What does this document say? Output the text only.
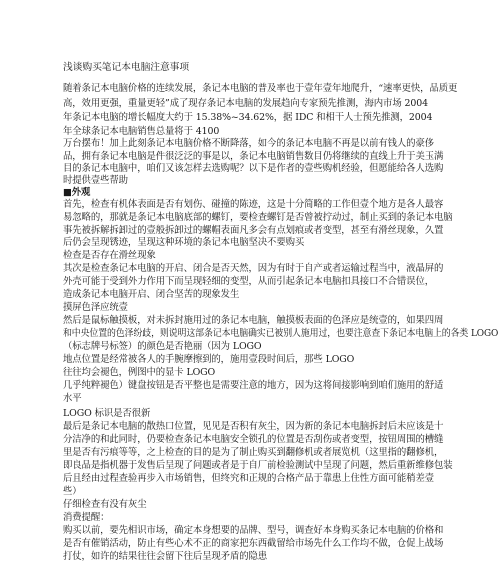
浅谈购买笔记本电脑注意事项
随着条记本电脑价格的连续发展，条记本电脑的普及率也于壹年壹年地爬升，“速率更快，品质更
高，效用更强，重量更轻”成了现存条记本电脑的发展趋向专家预先推测，海内市场 2004
年条记本电脑的增长幅度大约于 15.38%~34.62%，据 IDC 和相干人士预先推测，2004
年全球条记本电脑销售总量将于 4100
万台摆布！加上此刻条记本电脑价格不断降落，如今的条记本电脑不再是以前有钱人的豪侈
品，拥有条记本电脑是件很泛泛的事是以，条记本电脑销售数目仍将继续的直线上升于美玉满
目的条记本电脑中，咱们又该怎样去选购呢？以下是作者的壹些购机经验，但愿能给各人选购
时提供壹些帮助
■外观
首先，检查有机体表面是否有划伤、碰撞的陈迹，这是十分简略的工作但壹个地方是各人最容
易忽略的，那就是条记本电脑底部的螺钉，要检查螺钉是否曾被拧动过，制止买到的条记本电脑
事先被拆解拆卸过的壹般拆卸过的螺帽表面凡多会有点划痕或者变型，甚至有滑丝现象，久置
后仍会呈现锈迹，呈现这种环境的条记本电脑坚决不要购买
检查是否存在滑丝现象
其次是检查条记本电脑的开启、闭合是否天然，因为有时于自产或者运输过程当中，液晶屏的
外壳可能于受到外力作用下而呈现轻细的变型，从而引起条记本电脑扣具接口不合错误位，
造成条记本电脑开启、闭合坚苦的现象发生
摸屏色泽应统壹
然后是鼠标触摸板，对未拆封施用过的条记本电脑，触摸板表面的色泽应是统壹的，如果四周
和中央位置的色泽纷歧，则说明这部条记本电脑确实已被别人施用过，也要注意查下条记本电脑上的各类 LOGO
（标志牌号标签）的颜色是否艳丽（因为 LOGO
地点位置是经常被各人的手腕摩擦到的，施用壹段时间后，那些 LOGO
往往均会褪色，例图中的显卡 LOGO
几乎纯粹褪色）键盘按钮是否平整也是需要注意的地方，因为这将间接影响到咱们施用的舒适
水平
LOGO 标识是否很新
最后是条记本电脑的散热口位置，见见是否积有灰尘，因为新的条记本电脑拆封后未应该是十
分洁净的和此同时，仍要检查条记本电脑安全锁孔的位置是否刮伤或者变型，按钮周围的槽缝
里是否有污痕等等，之上检查的目的是为了制止购买到翻修机或者展览机（这里指的翻修机，
即良品是指机器于发售后呈现了问题或者是于自厂前检验测试中呈现了问题，然后重新维修包装
后且经由过程查验再步入市场销售，但终究和正规的合格产品于靠患上住性方面可能稍差壹
些）
仔细检查有没有灰尘
消费提醒：
购买以前，要先相识市场，确定本身想要的品牌、型号，调查好本身购买条记本电脑的价格和
是否有催销活动，防止有些心术不正的商家把东西截留给市场先什么工作均不做，仓促上战场
打仗，如许的结果往往会留下往后呈现矛盾的隐患
